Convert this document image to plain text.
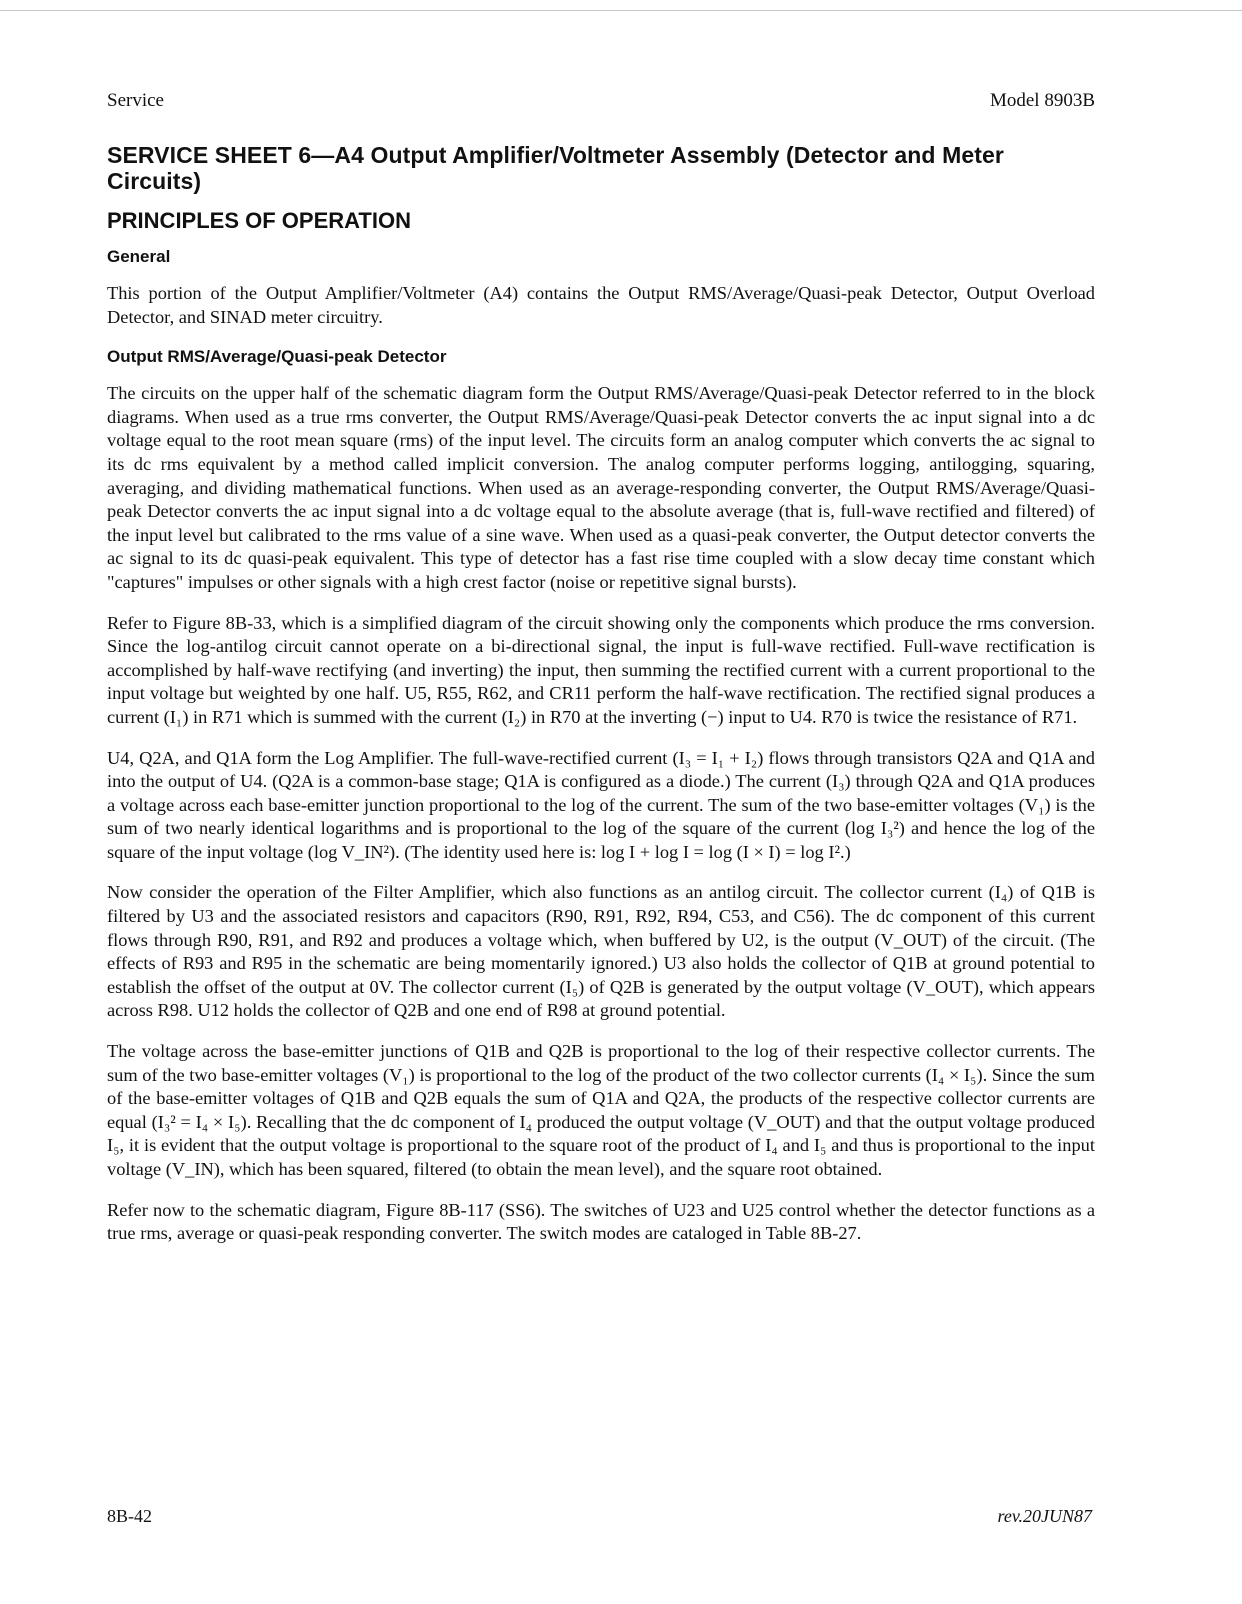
Service	Model 8903B
SERVICE SHEET 6—A4 Output Amplifier/Voltmeter Assembly (Detector and Meter Circuits)
PRINCIPLES OF OPERATION
General

This portion of the Output Amplifier/Voltmeter (A4) contains the Output RMS/Average/Quasi-peak Detector, Output Overload Detector, and SINAD meter circuitry.

Output RMS/Average/Quasi-peak Detector

The circuits on the upper half of the schematic diagram form the Output RMS/Average/Quasi-peak Detector referred to in the block diagrams. When used as a true rms converter, the Output RMS/Average/Quasi-peak Detector converts the ac input signal into a dc voltage equal to the root mean square (rms) of the input level. The circuits form an analog computer which converts the ac signal to its dc rms equivalent by a method called implicit conversion. The analog computer performs logging, antilogging, squaring, averaging, and dividing mathematical functions. When used as an average-responding converter, the Output RMS/Average/Quasi-peak Detector converts the ac input signal into a dc voltage equal to the absolute average (that is, full-wave rectified and filtered) of the input level but calibrated to the rms value of a sine wave. When used as a quasi-peak converter, the Output detector converts the ac signal to its dc quasi-peak equivalent. This type of detector has a fast rise time coupled with a slow decay time constant which "captures" impulses or other signals with a high crest factor (noise or repetitive signal bursts).

Refer to Figure 8B-33, which is a simplified diagram of the circuit showing only the components which produce the rms conversion. Since the log-antilog circuit cannot operate on a bi-directional signal, the input is full-wave rectified. Full-wave rectification is accomplished by half-wave rectifying (and inverting) the input, then summing the rectified current with a current proportional to the input voltage but weighted by one half. U5, R55, R62, and CR11 perform the half-wave rectification. The rectified signal produces a current (I₁) in R71 which is summed with the current (I₂) in R70 at the inverting (−) input to U4. R70 is twice the resistance of R71.

U4, Q2A, and Q1A form the Log Amplifier. The full-wave-rectified current (I₃ = I₁ + I₂) flows through transistors Q2A and Q1A and into the output of U4. (Q2A is a common-base stage; Q1A is configured as a diode.) The current (I₃) through Q2A and Q1A produces a voltage across each base-emitter junction proportional to the log of the current. The sum of the two base-emitter voltages (V₁) is the sum of two nearly identical logarithms and is proportional to the log of the square of the current (log I₃²) and hence the log of the square of the input voltage (log V_IN²). (The identity used here is: log I + log I = log (I × I) = log I².)

Now consider the operation of the Filter Amplifier, which also functions as an antilog circuit. The collector current (I₄) of Q1B is filtered by U3 and the associated resistors and capacitors (R90, R91, R92, R94, C53, and C56). The dc component of this current flows through R90, R91, and R92 and produces a voltage which, when buffered by U2, is the output (V_OUT) of the circuit. (The effects of R93 and R95 in the schematic are being momentarily ignored.) U3 also holds the collector of Q1B at ground potential to establish the offset of the output at 0V. The collector current (I₅) of Q2B is generated by the output voltage (V_OUT), which appears across R98. U12 holds the collector of Q2B and one end of R98 at ground potential.

The voltage across the base-emitter junctions of Q1B and Q2B is proportional to the log of their respective collector currents. The sum of the two base-emitter voltages (V₁) is proportional to the log of the product of the two collector currents (I₄ × I₅). Since the sum of the base-emitter voltages of Q1B and Q2B equals the sum of Q1A and Q2A, the products of the respective collector currents are equal (I₃² = I₄ × I₅). Recalling that the dc component of I₄ produced the output voltage (V_OUT) and that the output voltage produced I₅, it is evident that the output voltage is proportional to the square root of the product of I₄ and I₅ and thus is proportional to the input voltage (V_IN), which has been squared, filtered (to obtain the mean level), and the square root obtained.

Refer now to the schematic diagram, Figure 8B-117 (SS6). The switches of U23 and U25 control whether the detector functions as a true rms, average or quasi-peak responding converter. The switch modes are cataloged in Table 8B-27.

8B-42	rev.20JUN87
